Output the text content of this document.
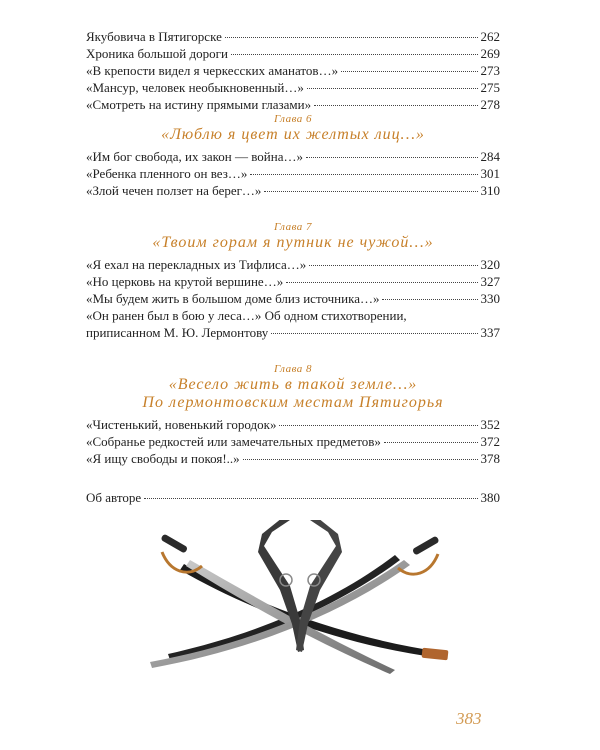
Якубовича в Пятигорске	262
Хроника большой дороги	269
«В крепости видел я черкесских аманатов…»	273
«Мансур, человек необыкновенный…»	275
«Смотреть на истину прямыми глазами»	278
Глава 6
«Люблю я цвет их желтых лиц…»
«Им бог свобода, их закон — война…»	284
«Ребенка пленного он вез…»	301
«Злой чечен ползет на берег…»	310
Глава 7
«Твоим горам я путник не чужой…»
«Я ехал на перекладных из Тифлиса…»	320
«Но церковь на крутой вершине…»	327
«Мы будем жить в большом доме близ источника…»	330
«Он ранен был в бою у леса…» Об одном стихотворении,
приписанном М. Ю. Лермонтову	337
Глава 8
«Весело жить в такой земле…»
По лермонтовским местам Пятигорья
«Чистенький, новенький городок»	352
«Собранье редкостей или замечательных предметов»	372
«Я ищу свободы и покоя!..»	378
Об авторе	380
383
